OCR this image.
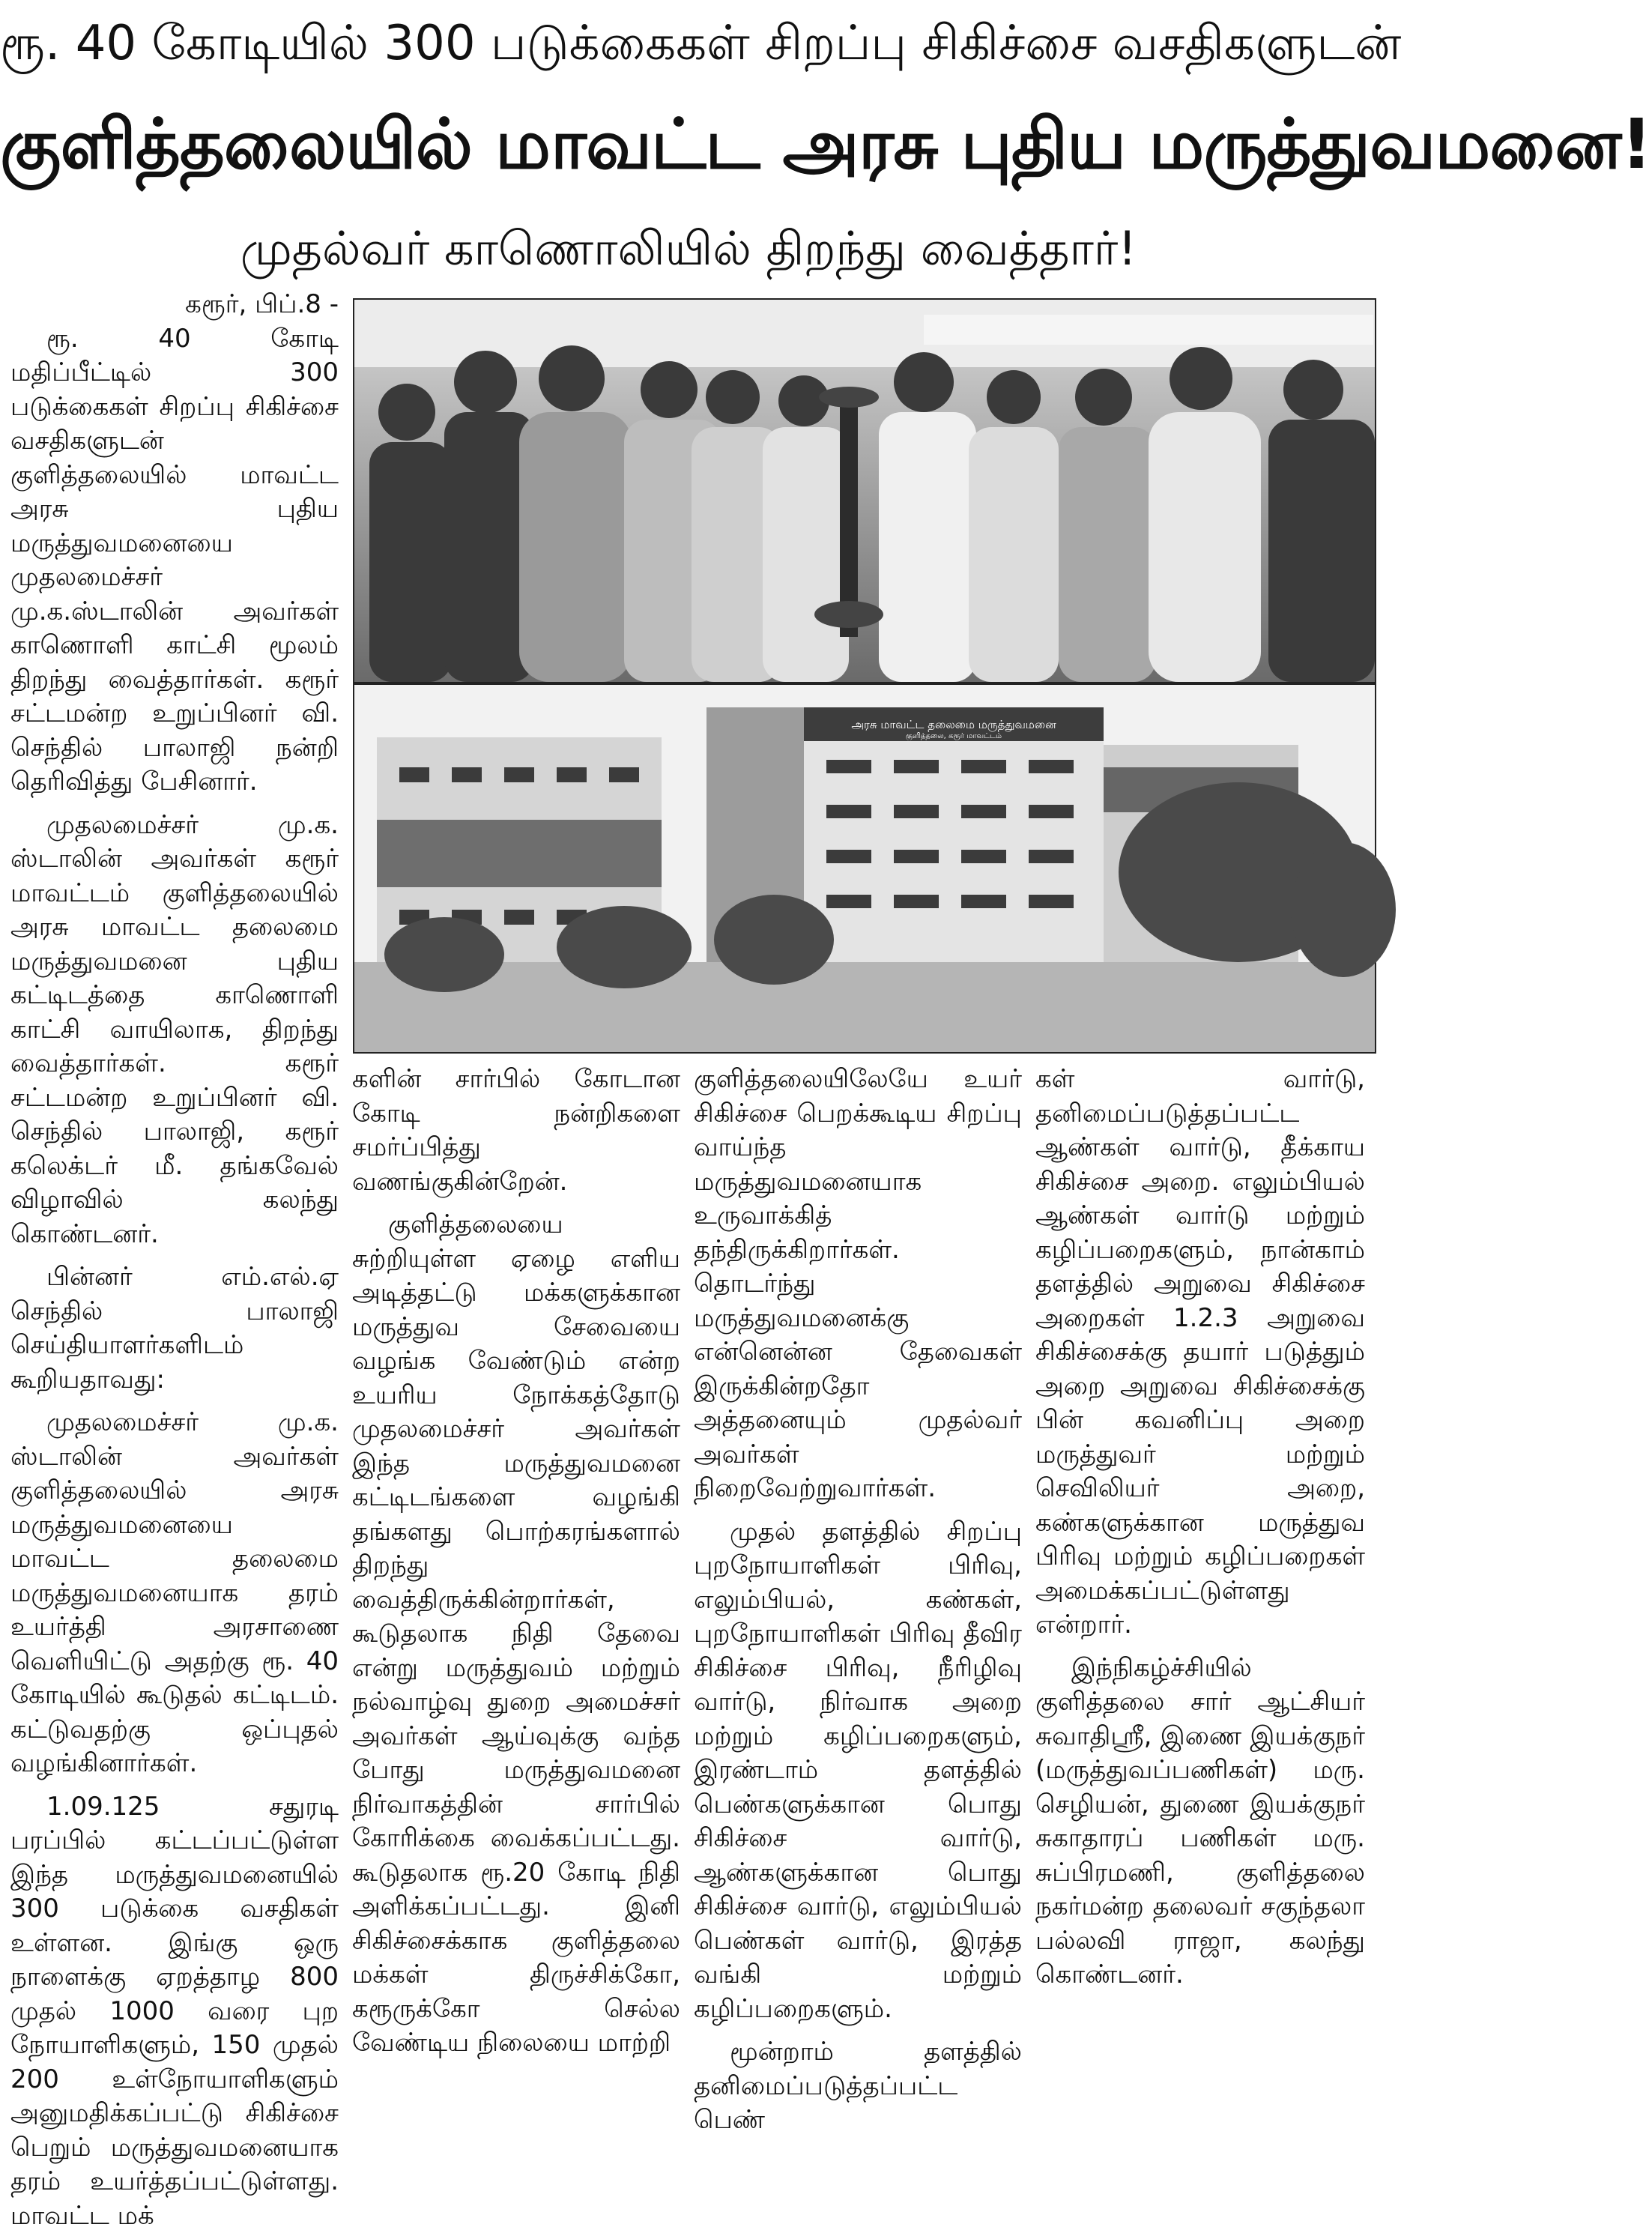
ரூ. 40 கோடியில் 300 படுக்கைகள் சிறப்பு சிகிச்சை வசதிகளுடன்
குளித்தலையில் மாவட்ட அரசு புதிய மருத்துவமனை!
முதல்வர் காணொலியில் திறந்து வைத்தார்!
கரூர், பிப்.8 -

ரூ. 40 கோடி மதிப்பீட்டில் 300 படுக்கைகள் சிறப்பு சிகிச்சை வசதிகளுடன் குளித்தலையில் மாவட்ட அரசு புதிய மருத்துவமனையை முதலமைச்சர் மு.க.ஸ்டாலின் அவர்கள் காணொளி காட்சி மூலம் திறந்து வைத்தார்கள். கரூர் சட்டமன்ற உறுப்பினர் வி. செந்தில் பாலாஜி நன்றி தெரிவித்து பேசினார்.

முதலமைச்சர் மு.க. ஸ்டாலின் அவர்கள் கரூர் மாவட்டம் குளித்தலையில் அரசு மாவட்ட தலைமை மருத்துவமனை புதிய கட்டிடத்தை காணொளி காட்சி வாயிலாக, திறந்து வைத்தார்கள். கரூர் சட்டமன்ற உறுப்பினர் வி. செந்தில் பாலாஜி, கரூர் கலெக்டர் மீ. தங்கவேல் விழாவில் கலந்து கொண்டனர்.

பின்னர் எம்.எல்.ஏ செந்தில் பாலாஜி செய்தியாளர்களிடம் கூறியதாவது:

முதலமைச்சர் மு.க. ஸ்டாலின் அவர்கள் குளித்தலையில் அரசு மருத்துவமனையை மாவட்ட தலைமை மருத்துவமனையாக தரம் உயர்த்தி அரசாணை வெளியிட்டு அதற்கு ரூ. 40 கோடியில் கூடுதல் கட்டிடம். கட்டுவதற்கு ஒப்புதல் வழங்கினார்கள்.

1.09.125 சதுரடி பரப்பில் கட்டப்பட்டுள்ள இந்த மருத்துவமனையில் 300 படுக்கை வசதிகள் உள்ளன. இங்கு ஒரு நாளைக்கு ஏறத்தாழ 800 முதல் 1000 வரை புற நோயாளிகளும், 150 முதல் 200 உள்நோயாளிகளும் அனுமதிக்கப்பட்டு சிகிச்சை பெறும் மருத்துவமனையாக தரம் உயர்த்தப்பட்டுள்ளது. மாவட்ட மக்

அரசு மாவட்ட தலைமை மருத்துவமனை
குளித்தலை, கரூர் மாவட்டம்

களின் சார்பில் கோடான கோடி நன்றிகளை சமர்ப்பித்து வணங்குகின்றேன்.

குளித்தலையை சுற்றியுள்ள ஏழை எளிய அடித்தட்டு மக்களுக்கான மருத்துவ சேவையை வழங்க வேண்டும் என்ற உயரிய நோக்கத்தோடு முதலமைச்சர் அவர்கள் இந்த மருத்துவமனை கட்டிடங்களை வழங்கி தங்களது பொற்கரங்களால் திறந்து வைத்திருக்கின்றார்கள், கூடுதலாக நிதி தேவை என்று மருத்துவம் மற்றும் நல்வாழ்வு துறை அமைச்சர் அவர்கள் ஆய்வுக்கு வந்த போது மருத்துவமனை நிர்வாகத்தின் சார்பில் கோரிக்கை வைக்கப்பட்டது. கூடுதலாக ரூ.20 கோடி நிதி அளிக்கப்பட்டது. இனி சிகிச்சைக்காக குளித்தலை மக்கள் திருச்சிக்கோ, கரூருக்கோ செல்ல வேண்டிய நிலையை மாற்றி

குளித்தலையிலேயே உயர் சிகிச்சை பெறக்கூடிய சிறப்பு வாய்ந்த மருத்துவமனையாக உருவாக்கித் தந்திருக்கிறார்கள். தொடர்ந்து மருத்துவமனைக்கு என்னென்ன தேவைகள் இருக்கின்றதோ அத்தனையும் முதல்வர் அவர்கள் நிறைவேற்றுவார்கள்.

முதல் தளத்தில் சிறப்பு புறநோயாளிகள் பிரிவு, எலும்பியல், கண்கள், புறநோயாளிகள் பிரிவு தீவிர சிகிச்சை பிரிவு, நீரிழிவு வார்டு, நிர்வாக அறை மற்றும் கழிப்பறைகளும், இரண்டாம் தளத்தில் பெண்களுக்கான பொது சிகிச்சை வார்டு, ஆண்களுக்கான பொது சிகிச்சை வார்டு, எலும்பியல் பெண்கள் வார்டு, இரத்த வங்கி மற்றும் கழிப்பறைகளும்.

மூன்றாம் தளத்தில் தனிமைப்படுத்தப்பட்ட பெண்

கள் வார்டு, தனிமைப்படுத்தப்பட்ட ஆண்கள் வார்டு, தீக்காய சிகிச்சை அறை. எலும்பியல் ஆண்கள் வார்டு மற்றும் கழிப்பறைகளும், நான்காம் தளத்தில் அறுவை சிகிச்சை அறைகள் 1.2.3 அறுவை சிகிச்சைக்கு தயார் படுத்தும் அறை அறுவை சிகிச்சைக்கு பின் கவனிப்பு அறை மருத்துவர் மற்றும் செவிலியர் அறை, கண்களுக்கான மருத்துவ பிரிவு மற்றும் கழிப்பறைகள் அமைக்கப்பட்டுள்ளது என்றார்.

இந்நிகழ்ச்சியில் குளித்தலை சார் ஆட்சியர் சுவாதிஸ்ரீ, இணை இயக்குநர் (மருத்துவப்பணிகள்) மரு. செழியன், துணை இயக்குநர் சுகாதாரப் பணிகள் மரு. சுப்பிரமணி, குளித்தலை நகர்மன்ற தலைவர் சகுந்தலா பல்லவி ராஜா, கலந்து கொண்டனர்.
